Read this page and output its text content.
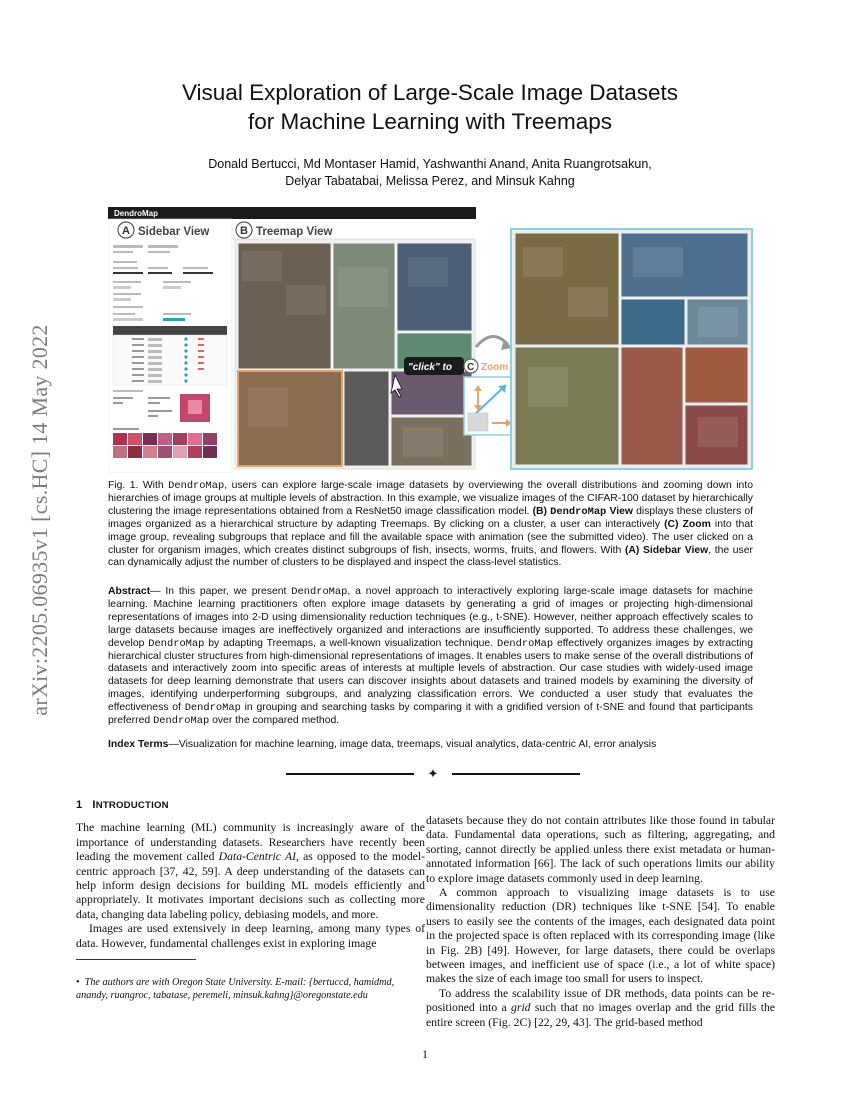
arXiv:2205.06935v1 [cs.HC] 14 May 2022
Visual Exploration of Large-Scale Image Datasets
for Machine Learning with Treemaps
Donald Bertucci, Md Montaser Hamid, Yashwanthi Anand, Anita Ruangrotsakun,
Delyar Tabatabai, Melissa Perez, and Minsuk Kahng
DendroMap
A Sidebar View	B Treemap View
"click" to C Zoom
Fig. 1. With DendroMap, users can explore large-scale image datasets by overviewing the overall distributions and zooming down into hierarchies of image groups at multiple levels of abstraction. In this example, we visualize images of the CIFAR-100 dataset by hierarchically clustering the image representations obtained from a ResNet50 image classification model. (B) DendroMap View displays these clusters of images organized as a hierarchical structure by adapting Treemaps. By clicking on a cluster, a user can interactively (C) Zoom into that image group, revealing subgroups that replace and fill the available space with animation (see the submitted video). The user clicked on a cluster for organism images, which creates distinct subgroups of fish, insects, worms, fruits, and flowers. With (A) Sidebar View, the user can dynamically adjust the number of clusters to be displayed and inspect the class-level statistics.
Abstract— In this paper, we present DendroMap, a novel approach to interactively exploring large-scale image datasets for machine learning. Machine learning practitioners often explore image datasets by generating a grid of images or projecting high-dimensional representations of images into 2-D using dimensionality reduction techniques (e.g., t-SNE). However, neither approach effectively scales to large datasets because images are ineffectively organized and interactions are insufficiently supported. To address these challenges, we develop DendroMap by adapting Treemaps, a well-known visualization technique. DendroMap effectively organizes images by extracting hierarchical cluster structures from high-dimensional representations of images. It enables users to make sense of the overall distributions of datasets and interactively zoom into specific areas of interests at multiple levels of abstraction. Our case studies with widely-used image datasets for deep learning demonstrate that users can discover insights about datasets and trained models by examining the diversity of images, identifying underperforming subgroups, and analyzing classification errors. We conducted a user study that evaluates the effectiveness of DendroMap in grouping and searching tasks by comparing it with a gridified version of t-SNE and found that participants preferred DendroMap over the compared method.
Index Terms—Visualization for machine learning, image data, treemaps, visual analytics, data-centric AI, error analysis
✦
1 INTRODUCTION

The machine learning (ML) community is increasingly aware of the importance of understanding datasets. Researchers have recently been leading the movement called Data-Centric AI, as opposed to the model-centric approach [37, 42, 59]. A deep understanding of the datasets can help inform design decisions for building ML models efficiently and appropriately. It motivates important decisions such as collecting more data, changing data labeling policy, debiasing models, and more.

Images are used extensively in deep learning, among many types of data. However, fundamental challenges exist in exploring image

datasets because they do not contain attributes like those found in tabular data. Fundamental data operations, such as filtering, aggregating, and sorting, cannot directly be applied unless there exist metadata or human-annotated information [66]. The lack of such operations limits our ability to explore image datasets commonly used in deep learning.

A common approach to visualizing image datasets is to use dimensionality reduction (DR) techniques like t-SNE [54]. To enable users to easily see the contents of the images, each designated data point in the projected space is often replaced with its corresponding image (like in Fig. 2B) [49]. However, for large datasets, there could be overlaps between images, and inefficient use of space (i.e., a lot of white space) makes the size of each image too small for users to inspect.

To address the scalability issue of DR methods, data points can be re-positioned into a grid such that no images overlap and the grid fills the entire screen (Fig. 2C) [22, 29, 43]. The grid-based method

• The authors are with Oregon State University. E-mail: {bertuccd, hamidmd, anandy, ruangroc, tabatase, peremeli, minsuk.kahng}@oregonstate.edu
1
